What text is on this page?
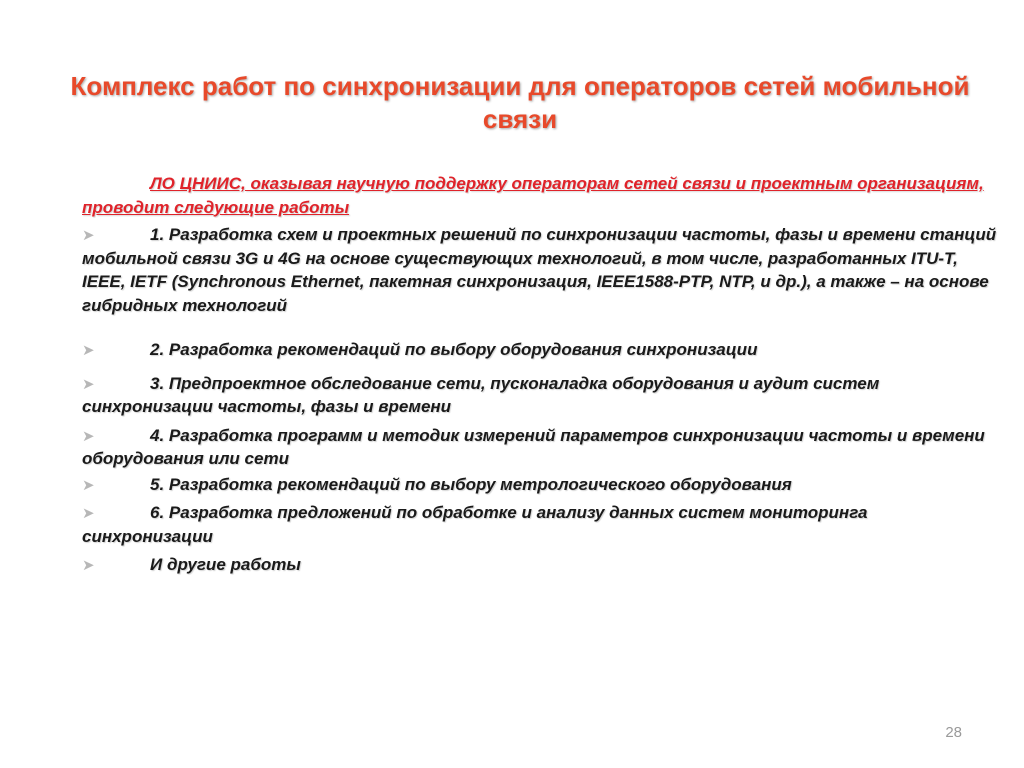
Комплекс работ по синхронизации для операторов сетей мобильной связи

ЛО ЦНИИС, оказывая научную поддержку операторам сетей связи и проектным организациям, проводит следующие работы

➤	1. Разработка схем и проектных решений по синхронизации частоты, фазы и времени станций мобильной связи 3G и 4G на основе существующих технологий, в том числе, разработанных ITU-T, IEEE, IETF (Synchronous Ethernet, пакетная синхронизация, IEEE1588-PTP, NTP, и др.), а также – на основе гибридных технологий

➤	2. Разработка рекомендаций по выбору оборудования синхронизации

➤	3. Предпроектное обследование сети, пусконаладка оборудования и аудит систем синхронизации частоты, фазы и времени

➤	4. Разработка программ и методик измерений параметров синхронизации частоты и времени оборудования или сети

➤	5. Разработка рекомендаций по выбору метрологического оборудования

➤	6. Разработка предложений по обработке и анализу данных систем мониторинга синхронизации

➤	И другие работы

28
